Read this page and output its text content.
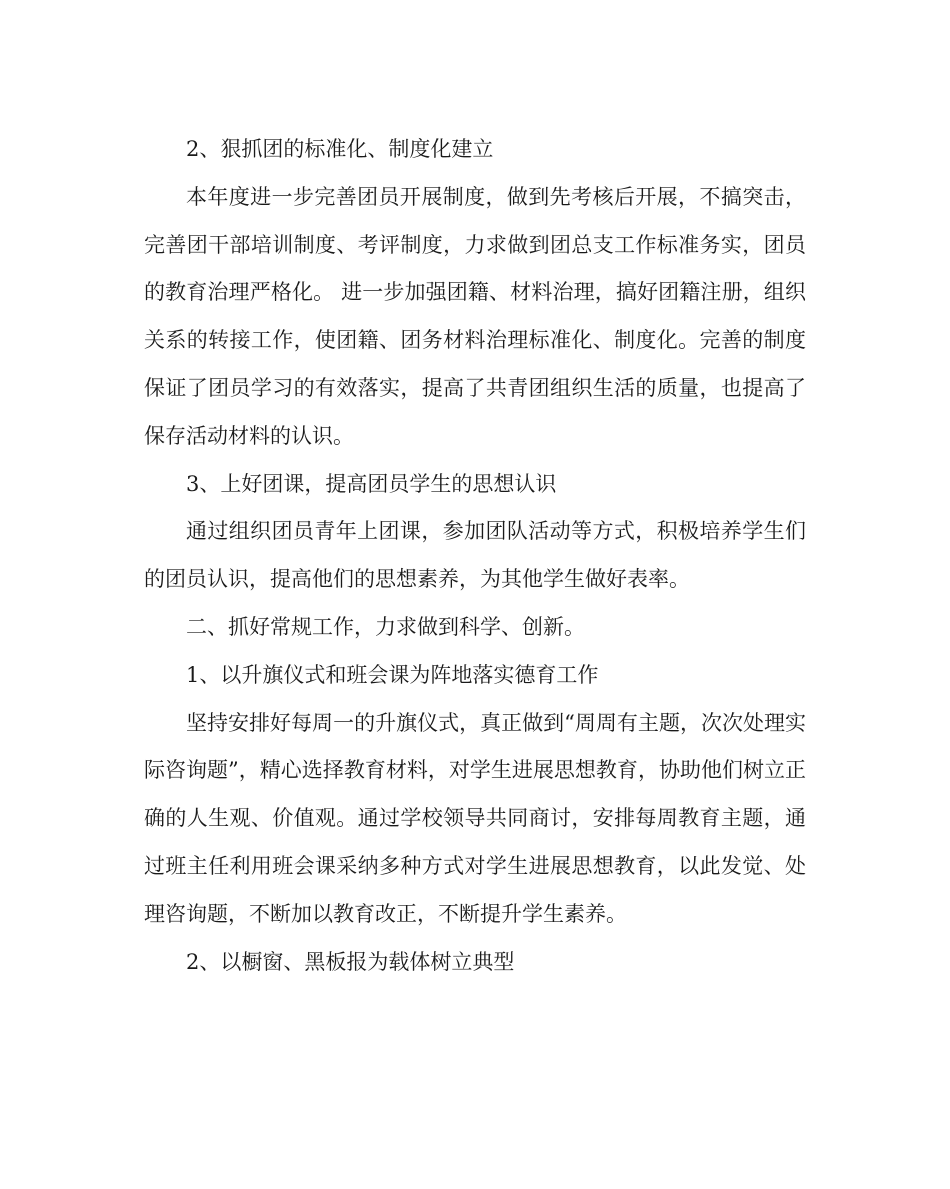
2、狠抓团的标准化、制度化建立

本年度进一步完善团员开展制度，做到先考核后开展，不搞突击，完善团干部培训制度、考评制度，力求做到团总支工作标准务实，团员的教育治理严格化。 进一步加强团籍、材料治理，搞好团籍注册，组织关系的转接工作，使团籍、团务材料治理标准化、制度化。完善的制度保证了团员学习的有效落实，提高了共青团组织生活的质量，也提高了保存活动材料的认识。

3、上好团课，提高团员学生的思想认识

通过组织团员青年上团课，参加团队活动等方式，积极培养学生们的团员认识，提高他们的思想素养，为其他学生做好表率。

二、抓好常规工作，力求做到科学、创新。

1、以升旗仪式和班会课为阵地落实德育工作

坚持安排好每周一的升旗仪式，真正做到“周周有主题，次次处理实际咨询题”，精心选择教育材料，对学生进展思想教育，协助他们树立正确的人生观、价值观。通过学校领导共同商讨，安排每周教育主题，通过班主任利用班会课采纳多种方式对学生进展思想教育，以此发觉、处理咨询题，不断加以教育改正，不断提升学生素养。

2、以橱窗、黑板报为载体树立典型
